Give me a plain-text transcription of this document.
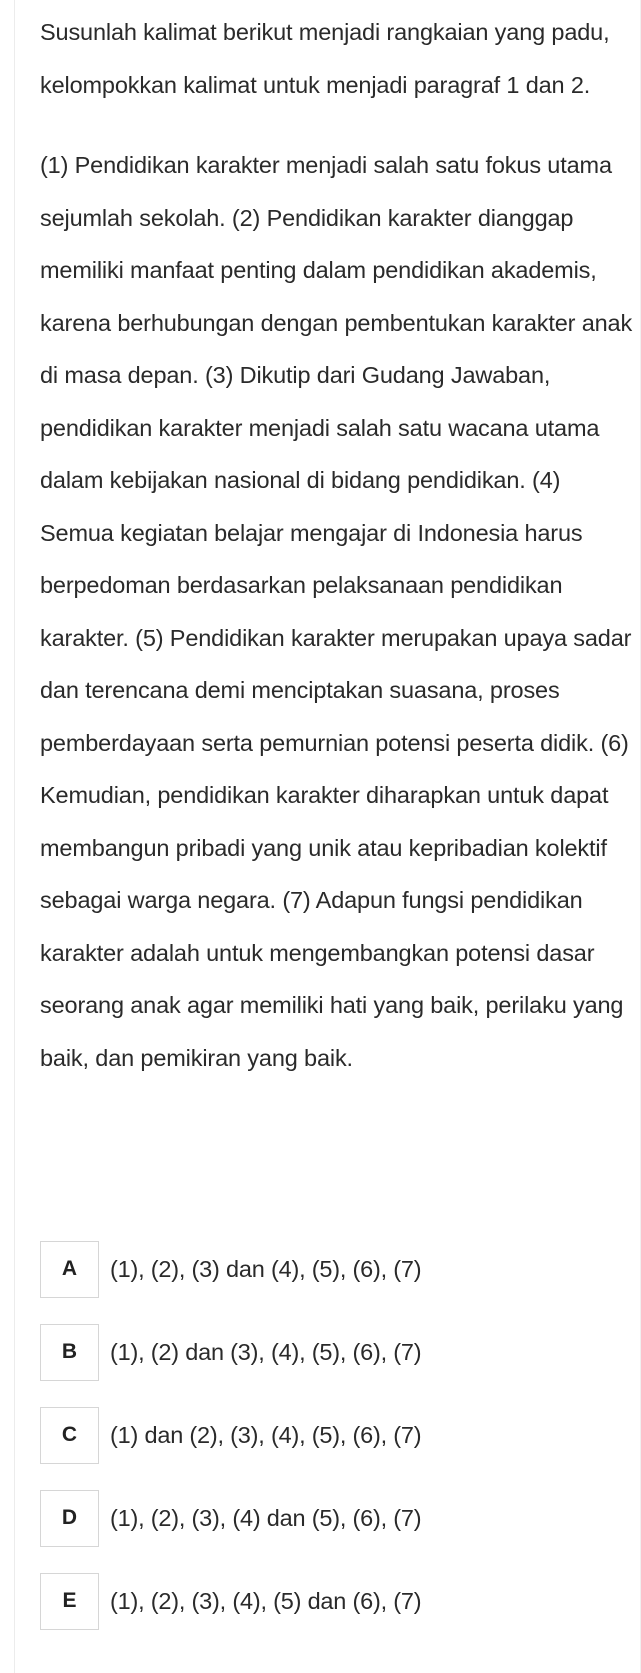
Susunlah kalimat berikut menjadi rangkaian yang padu, kelompokkan kalimat untuk menjadi paragraf 1 dan 2.

(1) Pendidikan karakter menjadi salah satu fokus utama sejumlah sekolah. (2) Pendidikan karakter dianggap memiliki manfaat penting dalam pendidikan akademis, karena berhubungan dengan pembentukan karakter anak di masa depan. (3) Dikutip dari Gudang Jawaban, pendidikan karakter menjadi salah satu wacana utama dalam kebijakan nasional di bidang pendidikan. (4) Semua kegiatan belajar mengajar di Indonesia harus berpedoman berdasarkan pelaksanaan pendidikan karakter. (5) Pendidikan karakter merupakan upaya sadar dan terencana demi menciptakan suasana, proses pemberdayaan serta pemurnian potensi peserta didik. (6) Kemudian, pendidikan karakter diharapkan untuk dapat membangun pribadi yang unik atau kepribadian kolektif sebagai warga negara. (7) Adapun fungsi pendidikan karakter adalah untuk mengembangkan potensi dasar seorang anak agar memiliki hati yang baik, perilaku yang baik, dan pemikiran yang baik.

A	(1), (2), (3) dan (4), (5), (6), (7)
B	(1), (2) dan (3), (4), (5), (6), (7)
C	(1) dan (2), (3), (4), (5), (6), (7)
D	(1), (2), (3), (4) dan (5), (6), (7)
E	(1), (2), (3), (4), (5) dan (6), (7)
